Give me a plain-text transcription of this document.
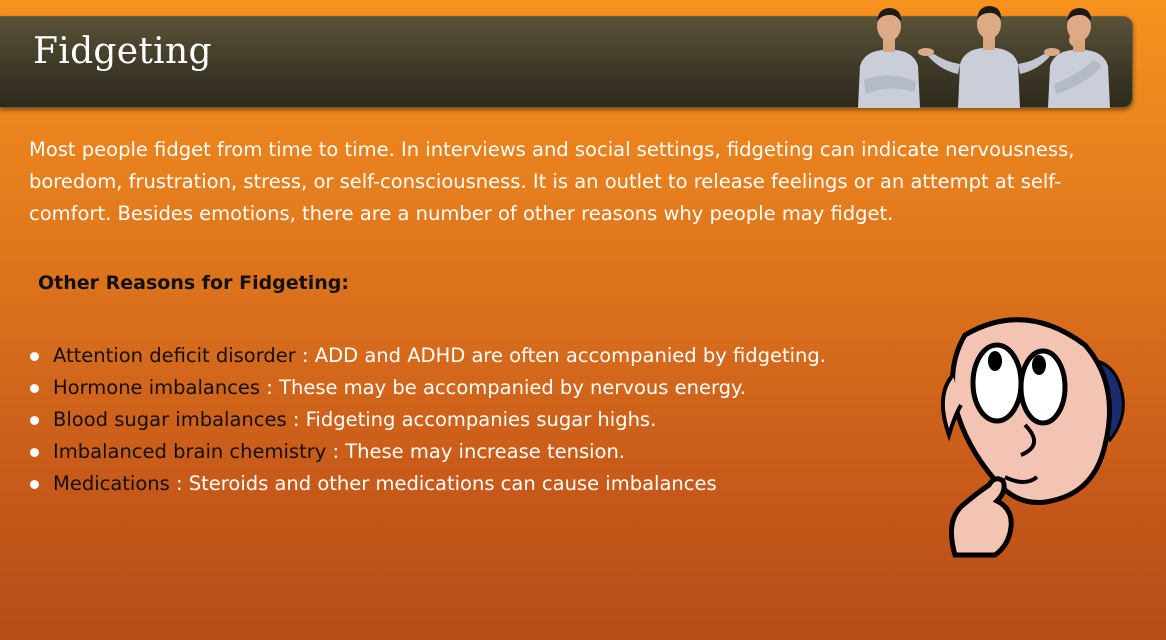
Fidgeting
Most people fidget from time to time. In interviews and social settings, fidgeting can indicate nervousness, boredom, frustration, stress, or self-consciousness. It is an outlet to release feelings or an attempt at self-comfort. Besides emotions, there are a number of other reasons why people may fidget.
Other Reasons for Fidgeting:
Attention deficit disorder : ADD and ADHD are often accompanied by fidgeting.
Hormone imbalances : These may be accompanied by nervous energy.
Blood sugar imbalances : Fidgeting accompanies sugar highs.
Imbalanced brain chemistry : These may increase tension.
Medications : Steroids and other medications can cause imbalances
